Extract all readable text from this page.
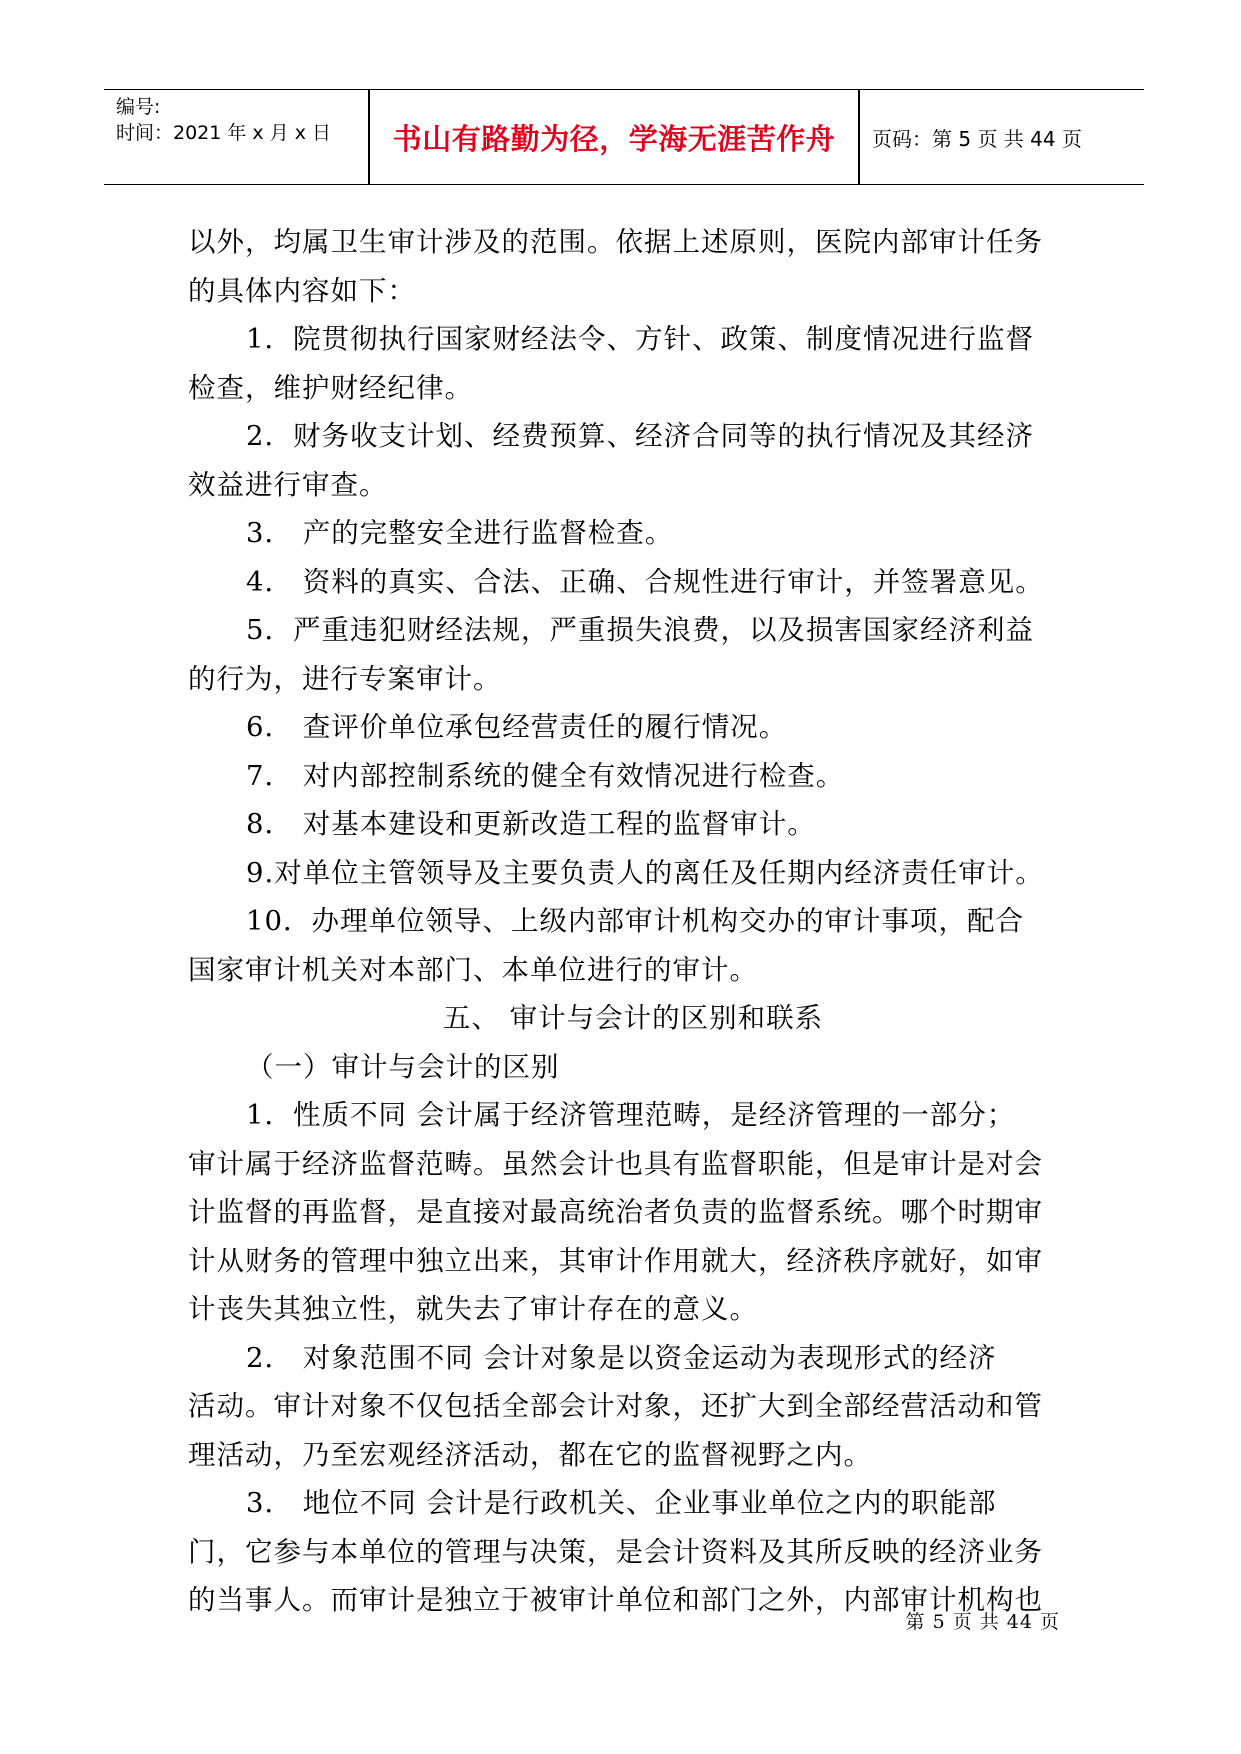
编号:
时间：2021 年 x 月 x 日	书山有路勤为径，学海无涯苦作舟	页码：第 5 页 共 44 页

以外，均属卫生审计涉及的范围。依据上述原则，医院内部审计任务

的具体内容如下：

1．院贯彻执行国家财经法令、方针、政策、制度情况进行监督

检查，维护财经纪律。

2．财务收支计划、经费预算、经济合同等的执行情况及其经济

效益进行审查。

3． 产的完整安全进行监督检查。

4． 资料的真实、合法、正确、合规性进行审计，并签署意见。

5．严重违犯财经法规，严重损失浪费，以及损害国家经济利益

的行为，进行专案审计。

6． 查评价单位承包经营责任的履行情况。

7． 对内部控制系统的健全有效情况进行检查。

8． 对基本建设和更新改造工程的监督审计。

9.对单位主管领导及主要负责人的离任及任期内经济责任审计。

10．办理单位领导、上级内部审计机构交办的审计事项，配合

国家审计机关对本部门、本单位进行的审计。

五、 审计与会计的区别和联系

（一）审计与会计的区别

1．性质不同 会计属于经济管理范畴，是经济管理的一部分；

审计属于经济监督范畴。虽然会计也具有监督职能，但是审计是对会

计监督的再监督，是直接对最高统治者负责的监督系统。哪个时期审

计从财务的管理中独立出来，其审计作用就大，经济秩序就好，如审

计丧失其独立性，就失去了审计存在的意义。

2． 对象范围不同 会计对象是以资金运动为表现形式的经济

活动。审计对象不仅包括全部会计对象，还扩大到全部经营活动和管

理活动，乃至宏观经济活动，都在它的监督视野之内。

3． 地位不同 会计是行政机关、企业事业单位之内的职能部

门，它参与本单位的管理与决策，是会计资料及其所反映的经济业务

的当事人。而审计是独立于被审计单位和部门之外，内部审计机构也

第 5 页 共 44 页
